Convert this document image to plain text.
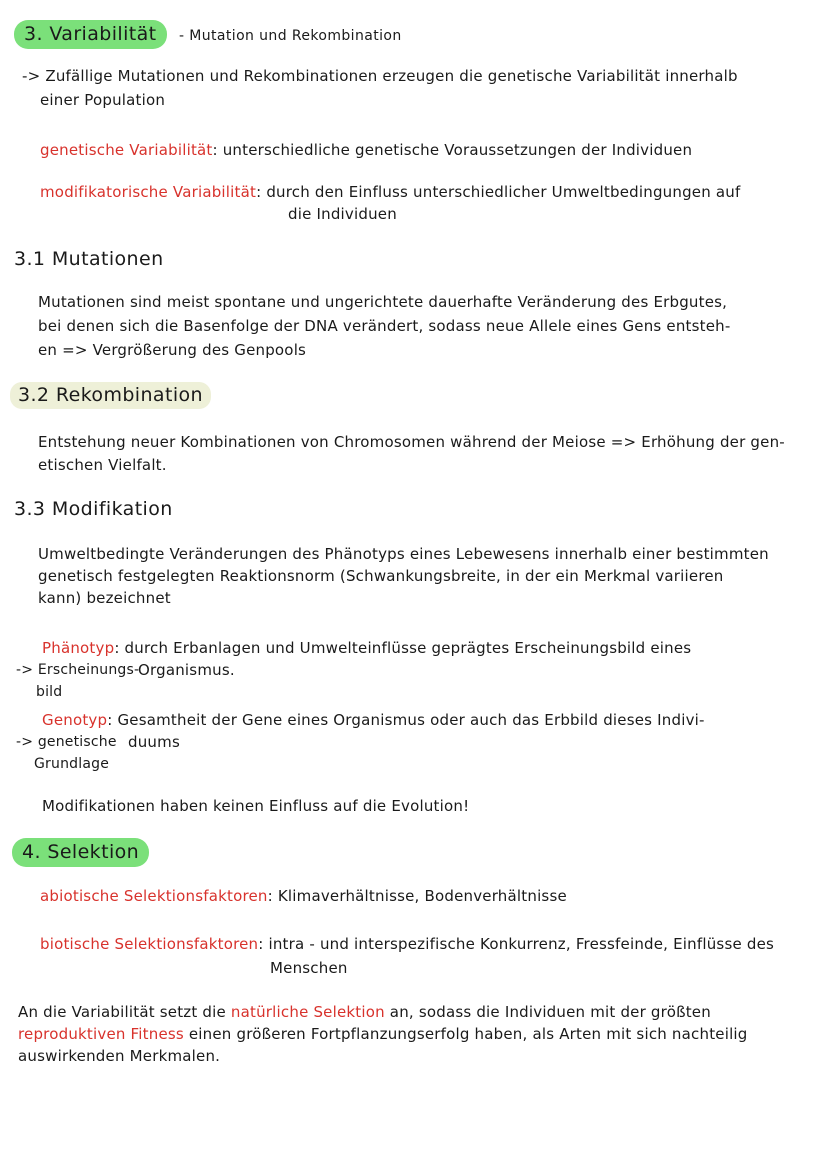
3. Variabilität - Mutation und Rekombination
-> Zufällige Mutationen und Rekombinationen erzeugen die genetische Variabilität innerhalb
einer Population
genetische Variabilität: unterschiedliche genetische Voraussetzungen der Individuen
modifikatorische Variabilität: durch den Einfluss unterschiedlicher Umweltbedingungen auf
die Individuen
3.1 Mutationen
Mutationen sind meist spontane und ungerichtete dauerhafte Veränderung des Erbgutes,
bei denen sich die Basenfolge der DNA verändert, sodass neue Allele eines Gens entsteh-
en => Vergrößerung des Genpools
3.2 Rekombination
Entstehung neuer Kombinationen von Chromosomen während der Meiose => Erhöhung der gen-
etischen Vielfalt.
3.3 Modifikation
Umweltbedingte Veränderungen des Phänotyps eines Lebewesens innerhalb einer bestimmten
genetisch festgelegten Reaktionsnorm (Schwankungsbreite, in der ein Merkmal variieren
kann) bezeichnet
Phänotyp: durch Erbanlagen und Umwelteinflüsse geprägtes Erscheinungsbild eines
-> Erscheinungs-
Organismus.
bild
Genotyp: Gesamtheit der Gene eines Organismus oder auch das Erbbild dieses Indivi-
-> genetische duums
Grundlage
Modifikationen haben keinen Einfluss auf die Evolution!
4. Selektion
abiotische Selektionsfaktoren: Klimaverhältnisse, Bodenverhältnisse
biotische Selektionsfaktoren: intra - und interspezifische Konkurrenz, Fressfeinde, Einflüsse des
Menschen
An die Variabilität setzt die natürliche Selektion an, sodass die Individuen mit der größten
reproduktiven Fitness einen größeren Fortpflanzungserfolg haben, als Arten mit sich nachteilig
auswirkenden Merkmalen.
